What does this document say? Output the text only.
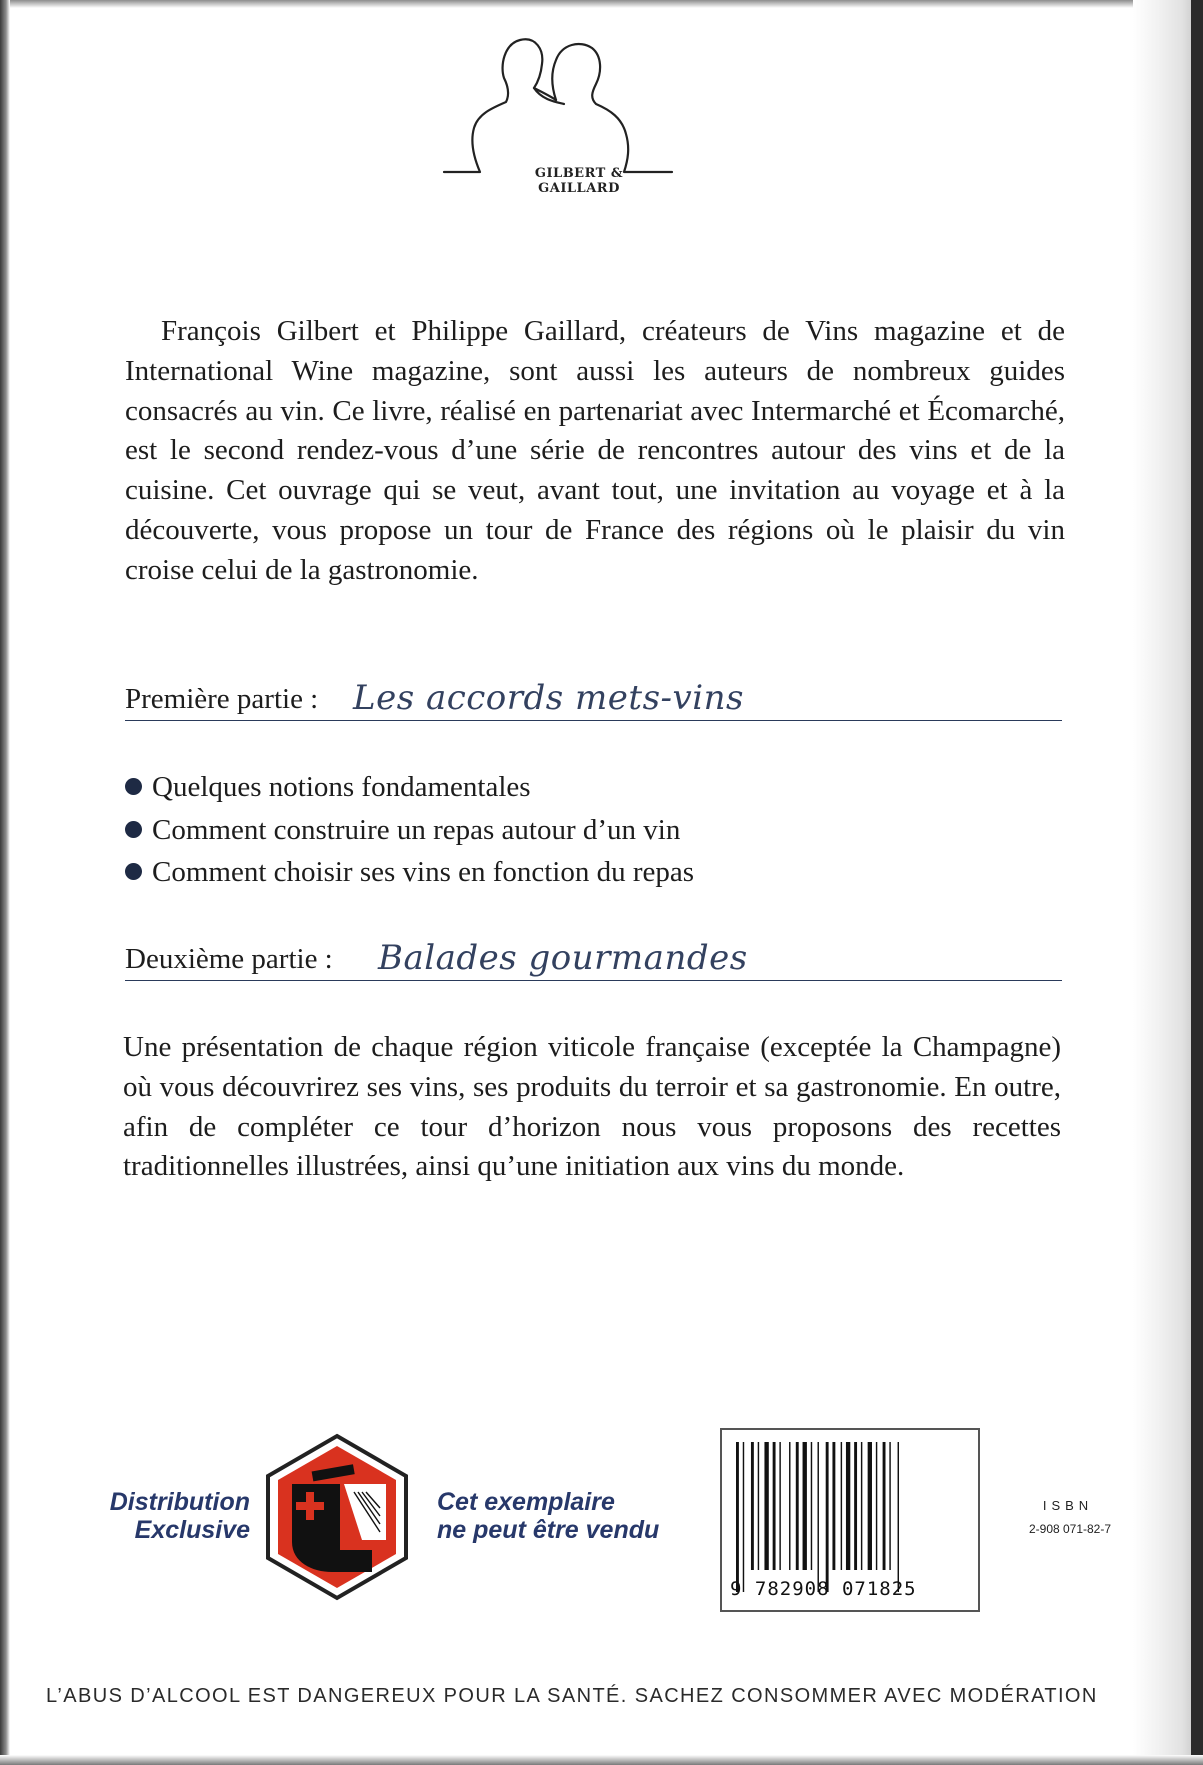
GILBERT & GAILLARD

François Gilbert et Philippe Gaillard, créateurs de Vins magazine et de International Wine magazine, sont aussi les auteurs de nombreux guides consacrés au vin. Ce livre, réalisé en partenariat avec Intermarché et Écomarché, est le second rendez-vous d’une série de rencontres autour des vins et de la cuisine. Cet ouvrage qui se veut, avant tout, une invitation au voyage et à la découverte, vous propose un tour de France des régions où le plaisir du vin croise celui de la gastronomie.

Première partie : Les accords mets-vins
Quelques notions fondamentales
Comment construire un repas autour d’un vin
Comment choisir ses vins en fonction du repas
Deuxième partie : Balades gourmandes

Une présentation de chaque région viticole française (exceptée la Champagne) où vous découvrirez ses vins, ses produits du terroir et sa gastronomie. En outre, afin de compléter ce tour d’horizon nous vous proposons des recettes traditionnelles illustrées, ainsi qu’une initiation aux vins du monde.

Distribution
Exclusive
Cet exemplaire
ne peut être vendu
9 782908 071825
ISBN
2-908 071-82-7
L’ABUS D’ALCOOL EST DANGEREUX POUR LA SANTÉ. SACHEZ CONSOMMER AVEC MODÉRATION
